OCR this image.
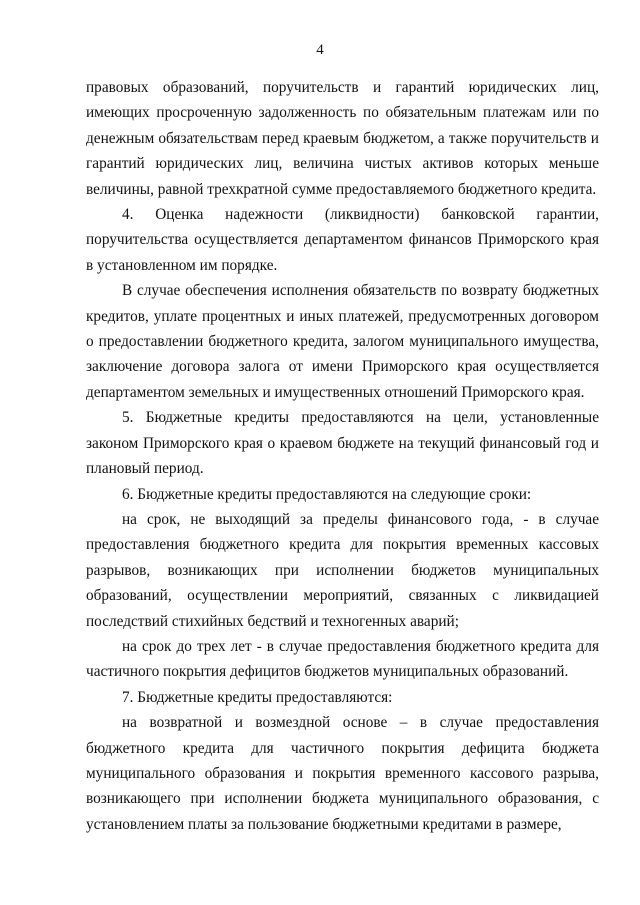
4

правовых образований, поручительств и гарантий юридических лиц, имеющих просроченную задолженность по обязательным платежам или по денежным обязательствам перед краевым бюджетом, а также поручительств и гарантий юридических лиц, величина чистых активов которых меньше величины, равной трехкратной сумме предоставляемого бюджетного кредита.

4. Оценка надежности (ликвидности) банковской гарантии, поручительства осуществляется департаментом финансов Приморского края в установленном им порядке.

В случае обеспечения исполнения обязательств по возврату бюджетных кредитов, уплате процентных и иных платежей, предусмотренных договором о предоставлении бюджетного кредита, залогом муниципального имущества, заключение договора залога от имени Приморского края осуществляется департаментом земельных и имущественных отношений Приморского края.

5. Бюджетные кредиты предоставляются на цели, установленные законом Приморского края о краевом бюджете на текущий финансовый год и плановый период.

6. Бюджетные кредиты предоставляются на следующие сроки:

на срок, не выходящий за пределы финансового года, - в случае предоставления бюджетного кредита для покрытия временных кассовых разрывов, возникающих при исполнении бюджетов муниципальных образований, осуществлении мероприятий, связанных с ликвидацией последствий стихийных бедствий и техногенных аварий;

на срок до трех лет - в случае предоставления бюджетного кредита для частичного покрытия дефицитов бюджетов муниципальных образований.

7. Бюджетные кредиты предоставляются:

на возвратной и возмездной основе – в случае предоставления бюджетного кредита для частичного покрытия дефицита бюджета муниципального образования и покрытия временного кассового разрыва, возникающего при исполнении бюджета муниципального образования, с установлением платы за пользование бюджетными кредитами в размере,
